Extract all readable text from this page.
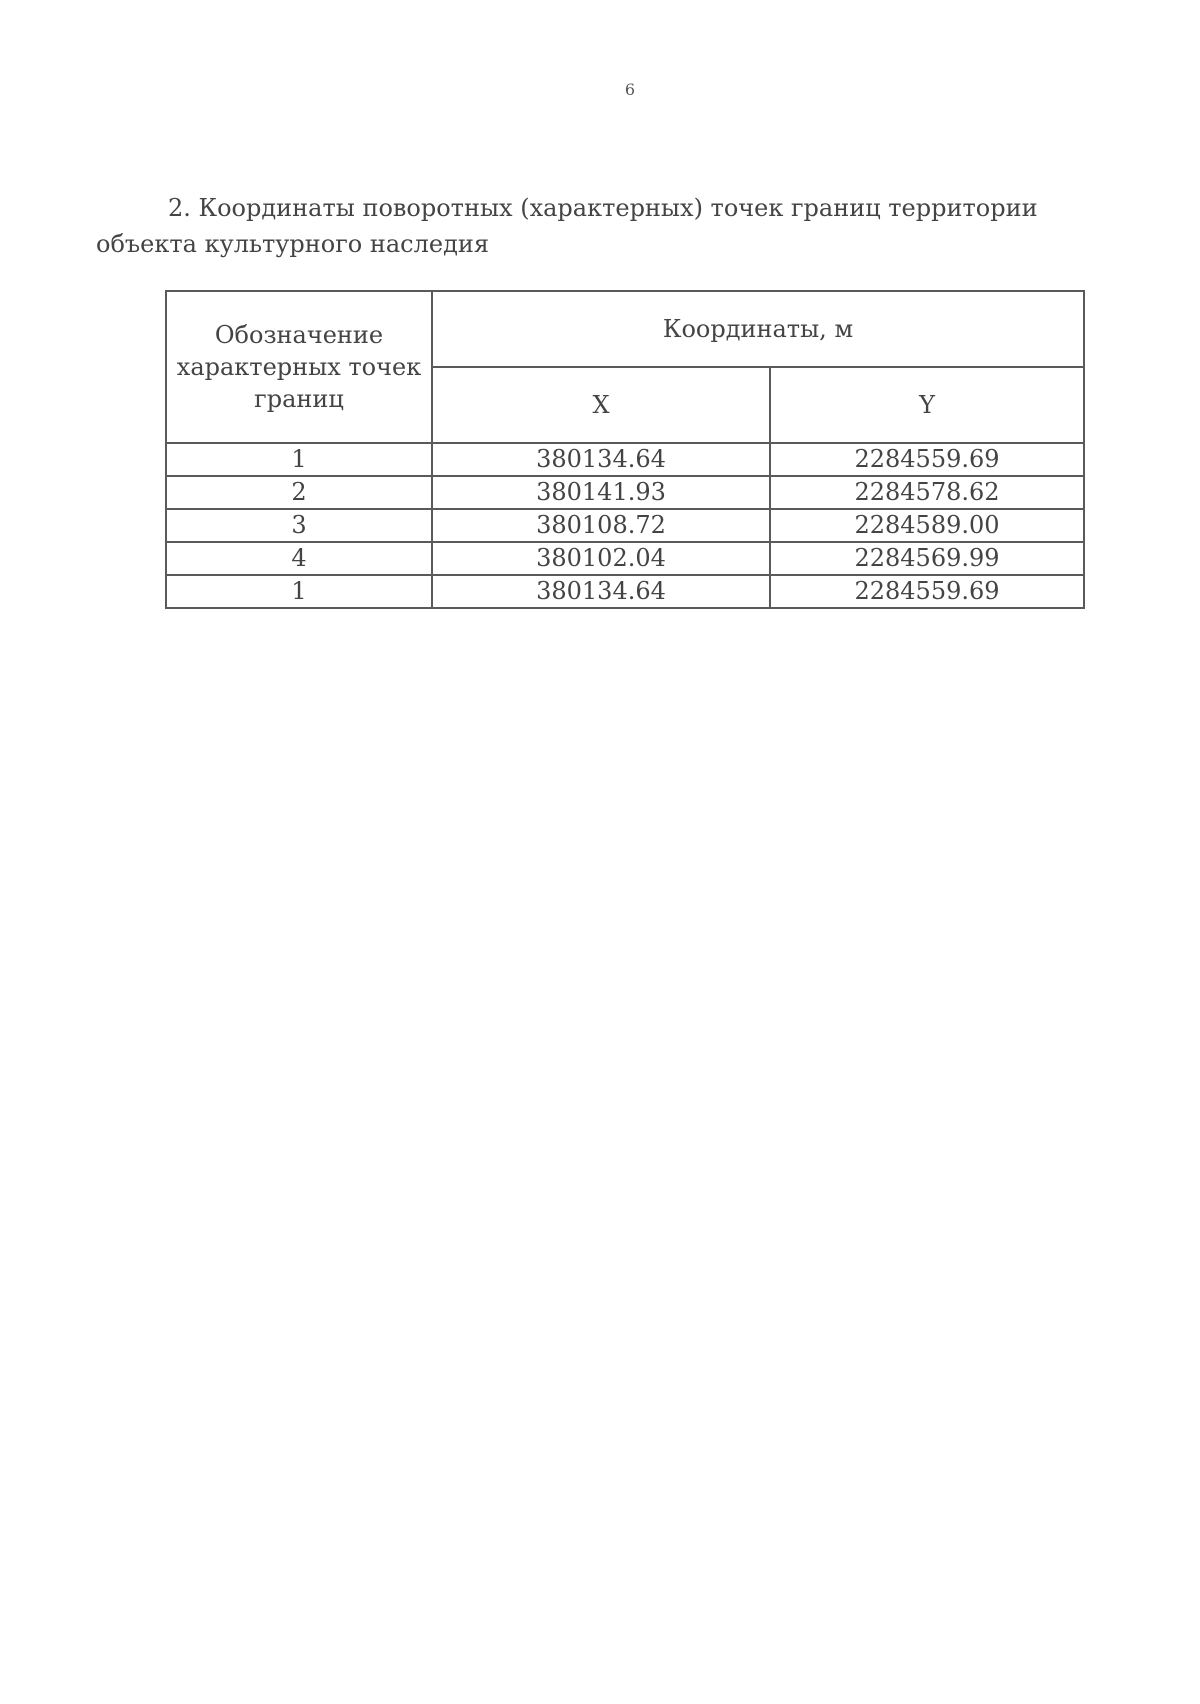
6

2. Координаты поворотных (характерных) точек границ территории объекта культурного наследия

Обозначение характерных точек границ	Координаты, м	
	X	Y
1	380134.64	2284559.69
2	380141.93	2284578.62
3	380108.72	2284589.00
4	380102.04	2284569.99
1	380134.64	2284559.69
